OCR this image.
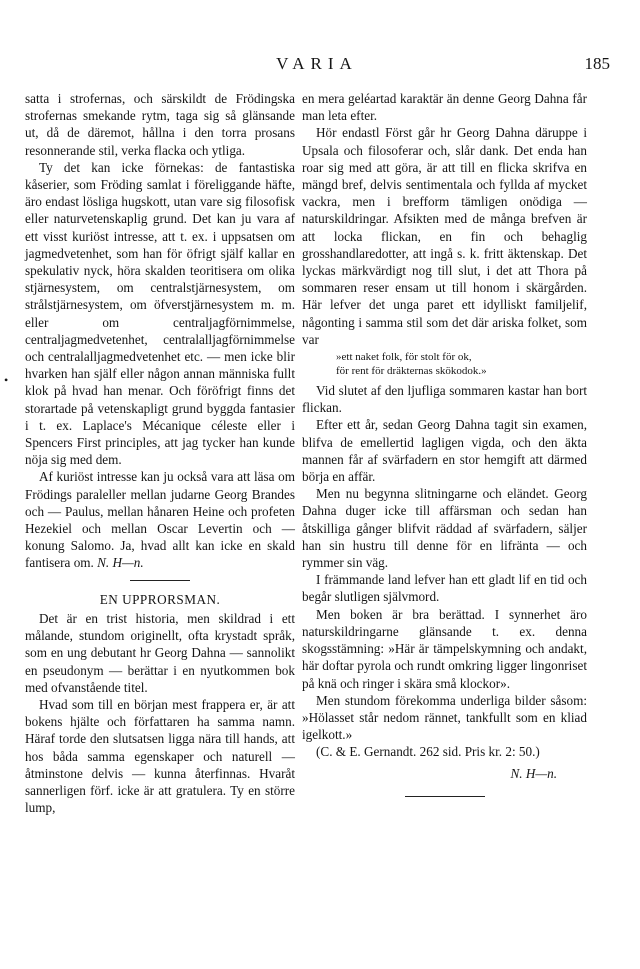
VARIA	185
•

satta i strofernas, och särskildt de Frödingska strofernas smekande rytm, taga sig så glänsande ut, då de däremot, hållna i den torra prosans resonnerande stil, verka flacka och ytliga.

Ty det kan icke förnekas: de fantastiska kåserier, som Fröding samlat i föreliggande häfte, äro endast lösliga hugskott, utan vare sig filosofisk eller naturvetenskaplig grund. Det kan ju vara af ett visst kuriöst intresse, att t. ex. i uppsatsen om jagmedvetenhet, som han för öfrigt själf kallar en spekulativ nyck, höra skalden teoritisera om olika stjärnesystem, om centralstjärnesystem, om strålstjärnesystem, om öfverstjärnesystem m. m. eller om centraljagförnimmelse, centraljagmedvetenhet, centralalljagförnimmelse och centralalljagmedvetenhet etc. — men icke blir hvarken han själf eller någon annan människa fullt klok på hvad han menar. Och föröfrigt finns det storartade på vetenskapligt grund byggda fantasier i t. ex. Laplace's Mécanique céleste eller i Spencers First principles, att jag tycker han kunde nöja sig med dem.

Af kuriöst intresse kan ju också vara att läsa om Frödings paraleller mellan judarne Georg Brandes och — Paulus, mellan hånaren Heine och profeten Hezekiel och mellan Oscar Levertin och — konung Salomo. Ja, hvad allt kan icke en skald fantisera om. N. H—n.

EN UPPRORSMAN.

Det är en trist historia, men skildrad i ett målande, stundom originellt, ofta krystadt språk, som en ung debutant hr Georg Dahna — sannolikt en pseudonym — berättar i en nyutkommen bok med ofvanstående titel.

Hvad som till en början mest frappera er, är att bokens hjälte och författaren ha samma namn. Häraf torde den slutsatsen ligga nära till hands, att hos båda samma egenskaper och naturell — åtminstone delvis — kunna återfinnas. Hvaråt sannerligen förf. icke är att gratulera. Ty en större lump,

en mera geléartad karaktär än denne Georg Dahna får man leta efter.

Hör endastl Först går hr Georg Dahna däruppe i Upsala och filosoferar och, slår dank. Det enda han roar sig med att göra, är att till en flicka skrifva en mängd bref, delvis sentimentala och fyllda af mycket vackra, men i brefform tämligen onödiga — naturskildringar. Afsikten med de många brefven är att locka flickan, en fin och behaglig grosshandlaredotter, att ingå s. k. fritt äktenskap. Det lyckas märkvärdigt nog till slut, i det att Thora på sommaren reser ensam ut till honom i skärgården. Här lefver det unga paret ett idylliskt familjelif, någonting i samma stil som det där ariska folket, som var

»ett naket folk, för stolt för ok,
för rent för dräkternas skökodok.»

Vid slutet af den ljufliga sommaren kastar han bort flickan.

Efter ett år, sedan Georg Dahna tagit sin examen, blifva de emellertid lagligen vigda, och den äkta mannen får af svärfadern en stor hemgift att därmed börja en affär.

Men nu begynna slitningarne och eländet. Georg Dahna duger icke till affärsman och sedan han åtskilliga gånger blifvit räddad af svärfadern, säljer han sin hustru till denne för en lifränta — och rymmer sin väg.

I främmande land lefver han ett gladt lif en tid och begår slutligen självmord.

Men boken är bra berättad. I synnerhet äro naturskildringarne glänsande t. ex. denna skogsstämning: »Här är tämpelskymning och andakt, här doftar pyrola och rundt omkring ligger lingonriset på knä och ringer i skära små klockor».

Men stundom förekomma underliga bilder såsom: »Hölasset står nedom rännet, tankfullt som en kliad igelkott.»

(C. & E. Gernandt. 262 sid. Pris kr. 2: 50.)

N. H—n.
